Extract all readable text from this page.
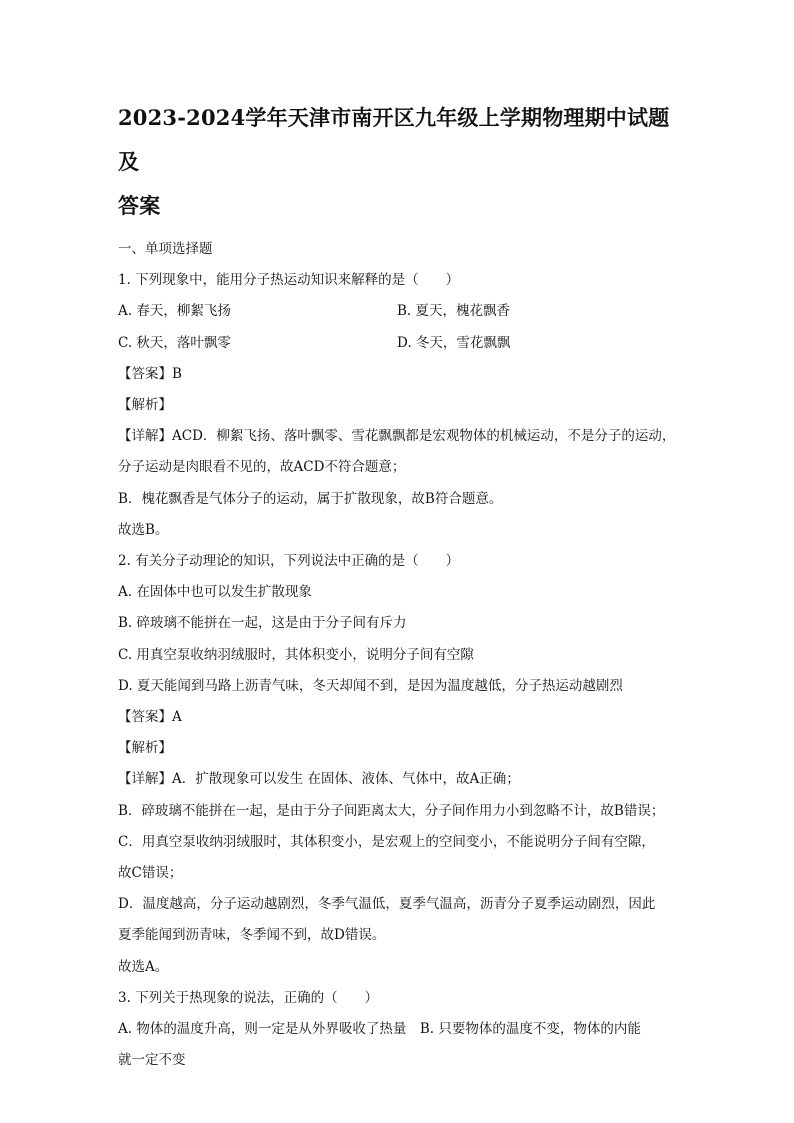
2023-2024学年天津市南开区九年级上学期物理期中试题及
答案

一、单项选择题

1. 下列现象中，能用分子热运动知识来解释的是（　　）

A. 春天，柳絮飞扬	B. 夏天，槐花飘香
C. 秋天，落叶飘零	D. 冬天，雪花飘飘

【答案】B

【解析】

【详解】ACD．柳絮飞扬、落叶飘零、雪花飘飘都是宏观物体的机械运动，不是分子的运动，

分子运动是肉眼看不见的，故ACD不符合题意；

B．槐花飘香是气体分子的运动，属于扩散现象，故B符合题意。

故选B。

2. 有关分子动理论的知识，下列说法中正确的是（　　）

A. 在固体中也可以发生扩散现象

B. 碎玻璃不能拼在一起，这是由于分子间有斥力

C. 用真空泵收纳羽绒服时，其体积变小，说明分子间有空隙

D. 夏天能闻到马路上沥青气味，冬天却闻不到，是因为温度越低，分子热运动越剧烈

【答案】A

【解析】

【详解】A．扩散现象可以发生 在固体、液体、气体中，故A正确；

B．碎玻璃不能拼在一起，是由于分子间距离太大，分子间作用力小到忽略不计，故B错误；

C．用真空泵收纳羽绒服时，其体积变小，是宏观上的空间变小，不能说明分子间有空隙，

故C错误；

D．温度越高，分子运动越剧烈，冬季气温低，夏季气温高，沥青分子夏季运动剧烈，因此

夏季能闻到沥青味，冬季闻不到，故D错误。

故选A。

3. 下列关于热现象的说法，正确的（　　）

A. 物体的温度升高，则一定是从外界吸收了热量　 B. 只要物体的温度不变，物体的内能

就一定不变
